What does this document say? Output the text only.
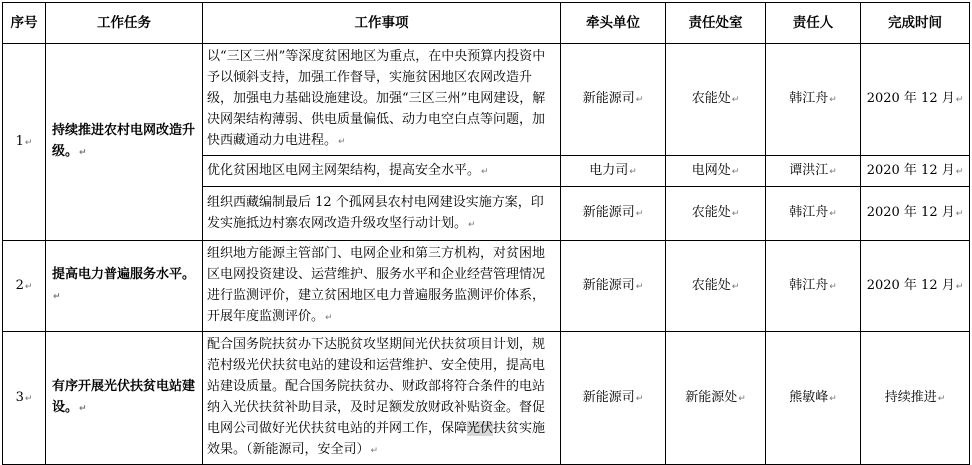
序号	工作任务	工作事项	牵头单位	责任处室	责任人	完成时间
1↵	持续推进农村电网改造升级。↵	以“三区三州”等深度贫困地区为重点，在中央预算内投资中予以倾斜支持，加强工作督导，实施贫困地区农网改造升级，加强电力基础设施建设。加强“三区三州”电网建设，解决网架结构薄弱、供电质量偏低、动力电空白点等问题，加快西藏通动力电进程。↵	新能源司↵	农能处↵	韩江舟↵	2020 年 12 月↵
		优化贫困地区电网主网架结构，提高安全水平。↵	电力司↵	电网处↵	谭洪江↵	2020 年 12 月↵
		组织西藏编制最后 12 个孤网县农村电网建设实施方案，印发实施抵边村寨农网改造升级攻坚行动计划。↵	新能源司↵	农能处↵	韩江舟↵	2020 年 12 月↵
2↵	提高电力普遍服务水平。↵	组织地方能源主管部门、电网企业和第三方机构，对贫困地区电网投资建设、运营维护、服务水平和企业经营管理情况进行监测评价，建立贫困地区电力普遍服务监测评价体系，开展年度监测评价。↵	新能源司↵	农能处↵	韩江舟↵	2020 年 12 月↵
3↵	有序开展光伏扶贫电站建设。↵	配合国务院扶贫办下达脱贫攻坚期间光伏扶贫项目计划，规范村级光伏扶贫电站的建设和运营维护、安全使用，提高电站建设质量。配合国务院扶贫办、财政部将符合条件的电站纳入光伏扶贫补助目录，及时足额发放财政补贴资金。督促电网公司做好光伏扶贫电站的并网工作，保障光伏扶贫实施效果。（新能源司，安全司）↵	新能源司↵	新能源处↵	熊敏峰↵	持续推进↵
